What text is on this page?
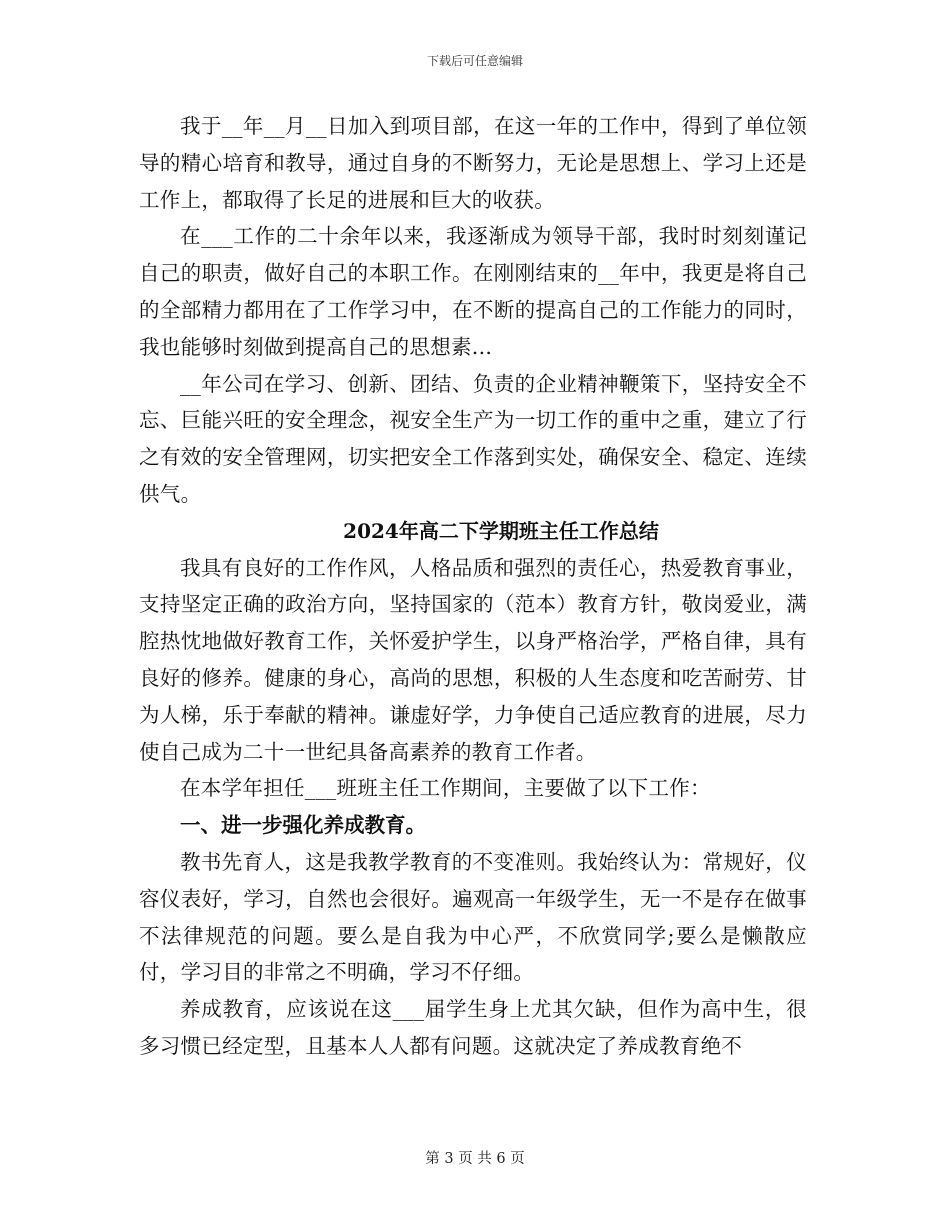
下载后可任意编辑

我于__年__月__日加入到项目部，在这一年的工作中，得到了单位领导的精心培育和教导，通过自身的不断努力，无论是思想上、学习上还是工作上，都取得了长足的进展和巨大的收获。

在___工作的二十余年以来，我逐渐成为领导干部，我时时刻刻谨记自己的职责，做好自己的本职工作。在刚刚结束的__年中，我更是将自己的全部精力都用在了工作学习中，在不断的提高自己的工作能力的同时，我也能够时刻做到提高自己的思想素...

__年公司在学习、创新、团结、负责的企业精神鞭策下，坚持安全不忘、巨能兴旺的安全理念，视安全生产为一切工作的重中之重，建立了行之有效的安全管理网，切实把安全工作落到实处，确保安全、稳定、连续供气。

2024年高二下学期班主任工作总结

我具有良好的工作作风，人格品质和强烈的责任心，热爱教育事业，支持坚定正确的政治方向，坚持国家的（范本）教育方针，敬岗爱业，满腔热忱地做好教育工作，关怀爱护学生，以身严格治学，严格自律，具有良好的修养。健康的身心，高尚的思想，积极的人生态度和吃苦耐劳、甘为人梯，乐于奉献的精神。谦虚好学，力争使自己适应教育的进展，尽力使自己成为二十一世纪具备高素养的教育工作者。

在本学年担任___班班主任工作期间，主要做了以下工作：

一、进一步强化养成教育。

教书先育人，这是我教学教育的不变准则。我始终认为：常规好，仪容仪表好，学习，自然也会很好。遍观高一年级学生，无一不是存在做事不法律规范的问题。要么是自我为中心严，不欣赏同学;要么是懒散应付，学习目的非常之不明确，学习不仔细。

养成教育，应该说在这___届学生身上尤其欠缺，但作为高中生，很多习惯已经定型，且基本人人都有问题。这就决定了养成教育绝不

第 3 页 共 6 页
